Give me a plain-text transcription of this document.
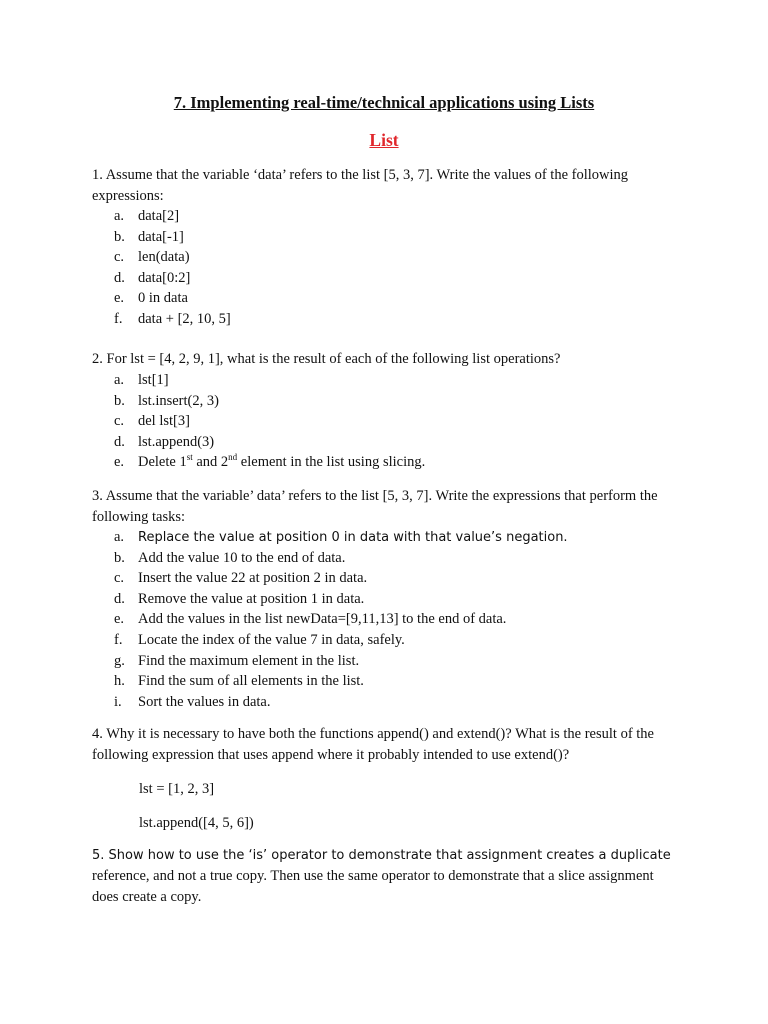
7. Implementing real-time/technical applications using Lists
List
1. Assume that the variable ‘data’ refers to the list [5, 3, 7]. Write the values of the following expressions:
a. data[2]
b. data[-1]
c. len(data)
d. data[0:2]
e. 0 in data
f. data + [2, 10, 5]
2. For lst = [4, 2, 9, 1], what is the result of each of the following list operations?
a. lst[1]
b. lst.insert(2, 3)
c. del lst[3]
d. lst.append(3)
e. Delete 1st and 2nd element in the list using slicing.
3. Assume that the variable’ data’ refers to the list [5, 3, 7]. Write the expressions that perform the following tasks:
a. Replace the value at position 0 in data with that value’s negation.
b. Add the value 10 to the end of data.
c. Insert the value 22 at position 2 in data.
d. Remove the value at position 1 in data.
e. Add the values in the list newData=[9,11,13] to the end of data.
f. Locate the index of the value 7 in data, safely.
g. Find the maximum element in the list.
h. Find the sum of all elements in the list.
i. Sort the values in data.
4. Why it is necessary to have both the functions append() and extend()? What is the result of the following expression that uses append where it probably intended to use extend()?
lst = [1, 2, 3]
lst.append([4, 5, 6])
5. Show how to use the ‘is’ operator to demonstrate that assignment creates a duplicate reference, and not a true copy. Then use the same operator to demonstrate that a slice assignment does create a copy.
